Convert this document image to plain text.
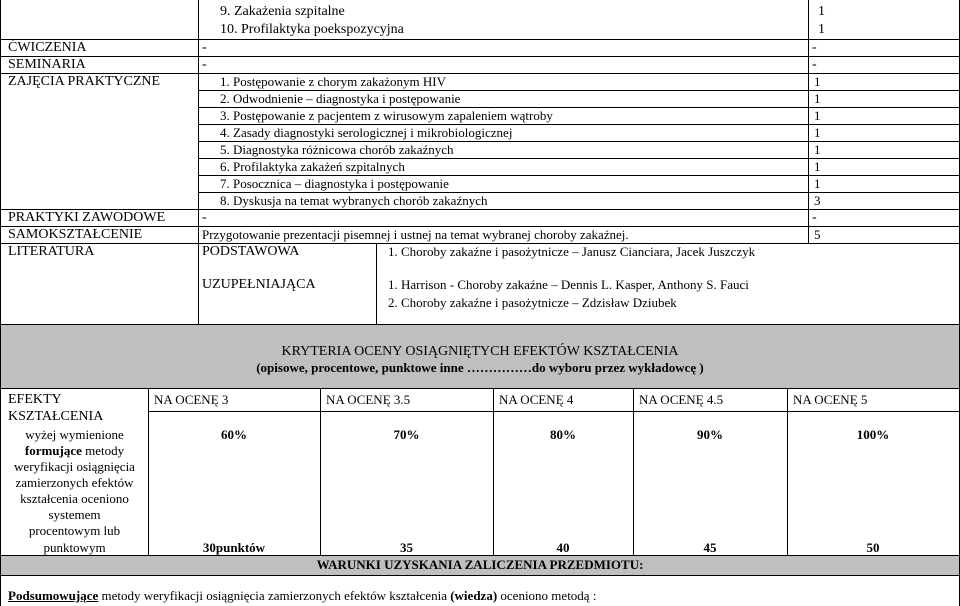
9. Zakażenia szpitalne	1
10. Profilaktyka poekspozycyjna	1
ĆWICZENIA	-	-
SEMINARIA	-	-
ZAJĘCIA PRAKTYCZNE	1. Postępowanie z chorym zakażonym HIV	1
2. Odwodnienie – diagnostyka i postępowanie	1
3. Postępowanie z pacjentem z wirusowym zapaleniem wątroby	1
4. Zasady diagnostyki serologicznej i mikrobiologicznej	1
5. Diagnostyka różnicowa chorób zakaźnych	1
6. Profilaktyka zakażeń szpitalnych	1
7. Posocznica – diagnostyka i postępowanie	1
8. Dyskusja na temat wybranych chorób zakaźnych	3
PRAKTYKI ZAWODOWE	-	-
SAMOKSZTAŁCENIE	Przygotowanie prezentacji pisemnej i ustnej na temat wybranej choroby zakaźnej.	5
LITERATURA	PODSTAWOWA	1. Choroby zakaźne i pasożytnicze – Janusz Cianciara, Jacek Juszczyk
UZUPEŁNIAJĄCA	1. Harrison - Choroby zakaźne – Dennis L. Kasper, Anthony S. Fauci
2. Choroby zakaźne i pasożytnicze – Zdzisław Dziubek
KRYTERIA OCENY OSIĄGNIĘTYCH EFEKTÓW KSZTAŁCENIA
(opisowe, procentowe, punktowe inne ……………do wyboru przez wykładowcę )
EFEKTY
KSZTAŁCENIA
NA OCENĘ 3	NA OCENĘ 3.5	NA OCENĘ 4	NA OCENĘ 4.5	NA OCENĘ 5
wyżej wymienione
formujące metody
weryfikacji osiągnięcia
zamierzonych efektów
kształcenia oceniono
systemem
procentowym lub
punktowym
60%	70%	80%	90%	100%
30punktów	35	40	45	50
WARUNKI UZYSKANIA ZALICZENIA PRZEDMIOTU:
Podsumowujące metody weryfikacji osiągnięcia zamierzonych efektów kształcenia (wiedza) oceniono metodą :
